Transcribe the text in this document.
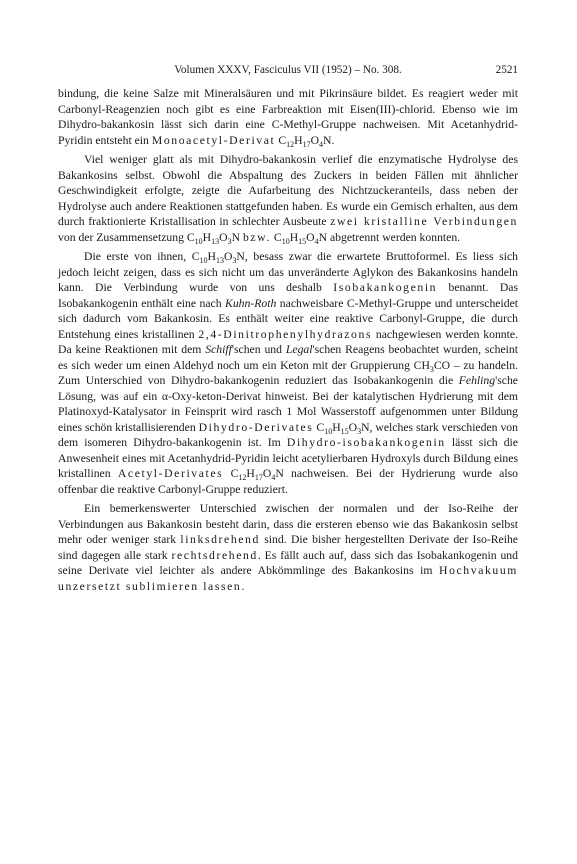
Volumen XXXV, Fasciculus VII (1952) – No. 308.	2521

bindung, die keine Salze mit Mineralsäuren und mit Pikrinsäure bildet. Es reagiert weder mit Carbonyl-Reagenzien noch gibt es eine Farbreaktion mit Eisen(III)-chlorid. Ebenso wie im Dihydro-bakankosin lässt sich darin eine C-Methyl-Gruppe nachweisen. Mit Acetanhydrid-Pyridin entsteht ein Monoacetyl-Derivat $C_{12}H_{17}O_4N$.

Viel weniger glatt als mit Dihydro-bakankosin verlief die enzymatische Hydrolyse des Bakankosins selbst. Obwohl die Abspaltung des Zuckers in beiden Fällen mit ähnlicher Geschwindigkeit erfolgte, zeigte die Aufarbeitung des Nichtzuckeranteils, dass neben der Hydrolyse auch andere Reaktionen stattgefunden haben. Es wurde ein Gemisch erhalten, aus dem durch fraktionierte Kristallisation in schlechter Ausbeute zwei kristalline Verbindungen von der Zusammensetzung $C_{10}H_{13}O_3N$ bzw. $C_{10}H_{15}O_4N$ abgetrennt werden konnten.

Die erste von ihnen, $C_{10}H_{13}O_3N$, besass zwar die erwartete Bruttoformel. Es liess sich jedoch leicht zeigen, dass es sich nicht um das unveränderte Aglykon des Bakankosins handeln kann. Die Verbindung wurde von uns deshalb Isobakankogenin benannt. Das Isobakankogenin enthält eine nach Kuhn-Roth nachweisbare C-Methyl-Gruppe und unterscheidet sich dadurch vom Bakankosin. Es enthält weiter eine reaktive Carbonyl-Gruppe, die durch Entstehung eines kristallinen 2,4-Dinitrophenylhydrazons nachgewiesen werden konnte. Da keine Reaktionen mit dem Schiff'schen und Legal'schen Reagens beobachtet wurden, scheint es sich weder um einen Aldehyd noch um ein Keton mit der Gruppierung $CH_3CO$ – zu handeln. Zum Unterschied von Dihydro-bakankogenin reduziert das Isobakankogenin die Fehling'sche Lösung, was auf ein α-Oxy-keton-Derivat hinweist. Bei der katalytischen Hydrierung mit dem Platinoxyd-Katalysator in Feinsprit wird rasch 1 Mol Wasserstoff aufgenommen unter Bildung eines schön kristallisierenden Dihydro-Derivates $C_{10}H_{15}O_3N$, welches stark verschieden von dem isomeren Dihydro-bakankogenin ist. Im Dihydro-isobakankogenin lässt sich die Anwesenheit eines mit Acetanhydrid-Pyridin leicht acetylierbaren Hydroxyls durch Bildung eines kristallinen Acetyl-Derivates $C_{12}H_{17}O_4N$ nachweisen. Bei der Hydrierung wurde also offenbar die reaktive Carbonyl-Gruppe reduziert.

Ein bemerkenswerter Unterschied zwischen der normalen und der Iso-Reihe der Verbindungen aus Bakankosin besteht darin, dass die ersteren ebenso wie das Bakankosin selbst mehr oder weniger stark linksdrehend sind. Die bisher hergestellten Derivate der Iso-Reihe sind dagegen alle stark rechtsdrehend. Es fällt auch auf, dass sich das Isobakankogenin und seine Derivate viel leichter als andere Abkömmlinge des Bakankosins im Hochvakuum unzersetzt sublimieren lassen.
